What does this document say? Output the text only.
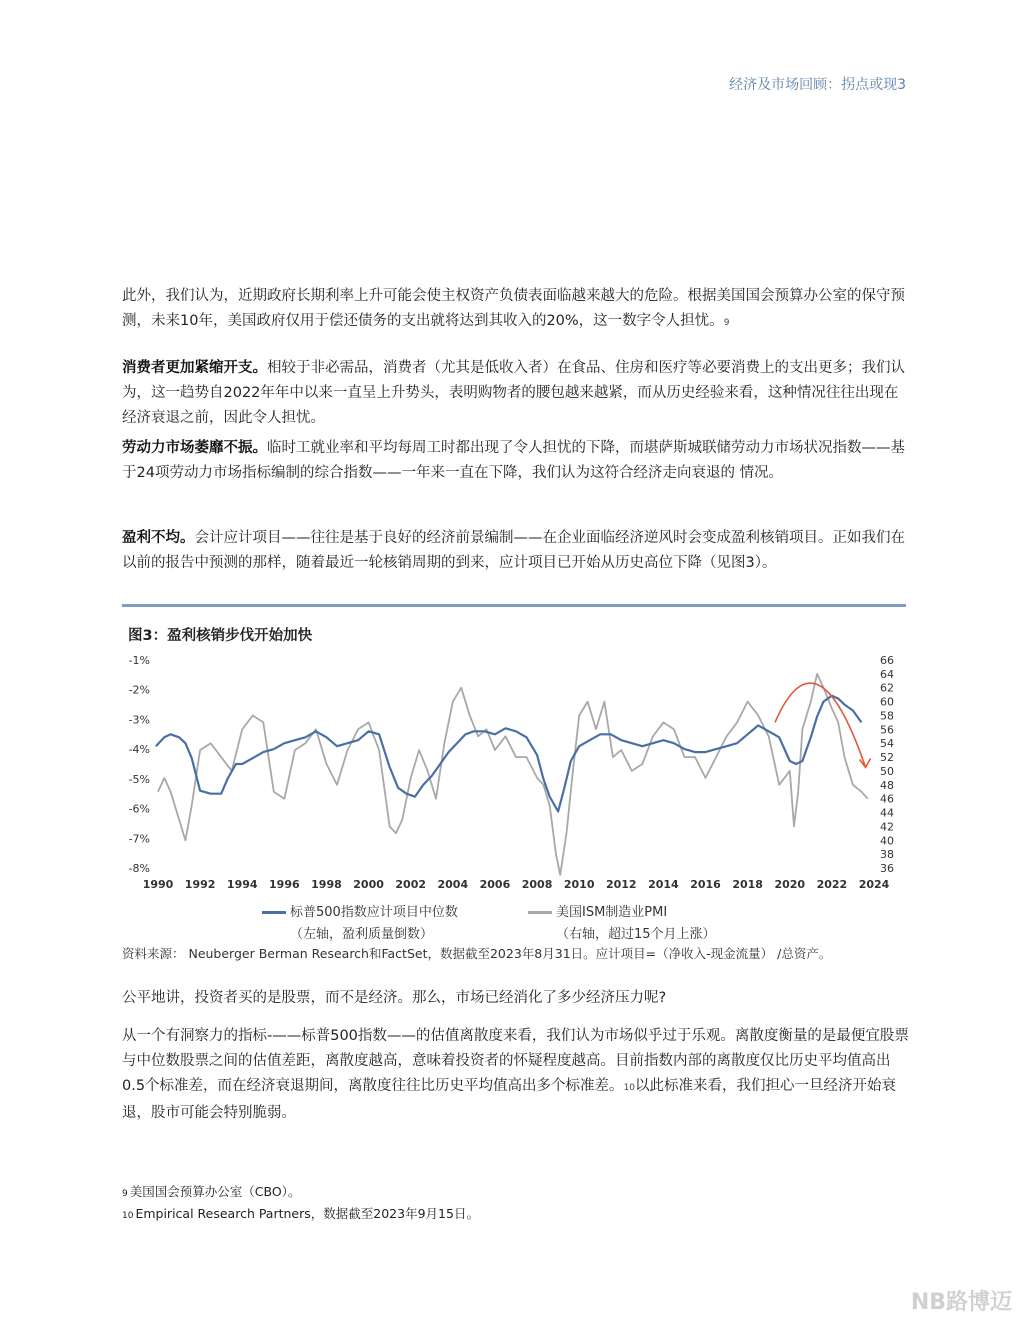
经济及市场回顾：拐点或现3
此外，我们认为，近期政府长期利率上升可能会使主权资产负债表面临越来越大的危险。根据美国国会预算办公室的保守预测，未来10年，美国政府仅用于偿还债务的支出就将达到其收入的20%，这一数字令人担忧。9
消费者更加紧缩开支。相较于非必需品，消费者（尤其是低收入者）在食品、住房和医疗等必要消费上的支出更多；我们认为，这一趋势自2022年年中以来一直呈上升势头，表明购物者的腰包越来越紧，而从历史经验来看，这种情况往往出现在经济衰退之前，因此令人担忧。
劳动力市场萎靡不振。临时工就业率和平均每周工时都出现了令人担忧的下降，而堪萨斯城联储劳动力市场状况指数——基于24项劳动力市场指标编制的综合指数——一年来一直在下降，我们认为这符合经济走向衰退的 情况。
盈利不均。会计应计项目——往往是基于良好的经济前景编制——在企业面临经济逆风时会变成盈利核销项目。正如我们在以前的报告中预测的那样，随着最近一轮核销周期的到来，应计项目已开始从历史高位下降（见图3）。
图3：盈利核销步伐开始加快
-1%
-2%
-3%
-4%
-5%
-6%
-7%
-8%
66
64
62
60
58
56
54
52
50
48
46
44
42
40
38
36
1990 1992 1994 1996 1998 2000 2002 2004 2006 2008 2010 2012 2014 2016 2018 2020 2022 2024
标普500指数应计项目中位数
（左轴，盈利质量倒数）
美国ISM制造业PMI
（右轴，超过15个月上涨）
资料来源： Neuberger Berman Research和FactSet，数据截至2023年8月31日。应计项目=（净收入-现金流量） /总资产。
公平地讲，投资者买的是股票，而不是经济。那么，市场已经消化了多少经济压力呢?
从一个有洞察力的指标-——标普500指数——的估值离散度来看，我们认为市场似乎过于乐观。离散度衡量的是最便宜股票与中位数股票之间的估值差距，离散度越高，意味着投资者的怀疑程度越高。目前指数内部的离散度仅比历史平均值高出0.5个标准差，而在经济衰退期间，离散度往往比历史平均值高出多个标准差。10以此标准来看，我们担心一旦经济开始衰退，股市可能会特别脆弱。
9 美国国会预算办公室（CBO）。
10 Empirical Research Partners，数据截至2023年9月15日。
NB路博迈
